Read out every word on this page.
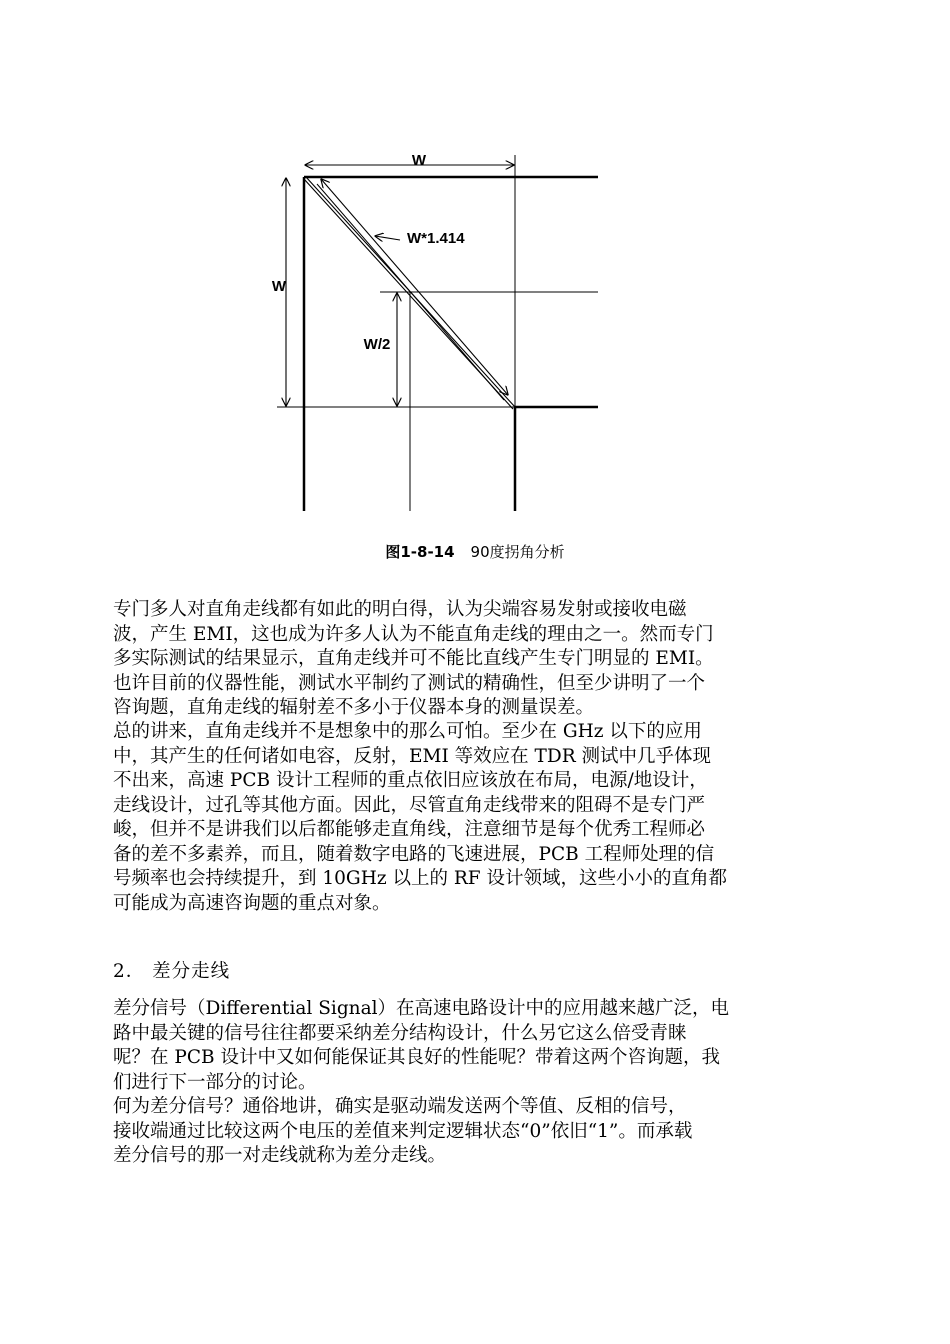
W
W*1.414
W
W/2

图1-8-14 90度拐角分析

专门多人对直角走线都有如此的明白得，认为尖端容易发射或接收电磁
波，产生 EMI，这也成为许多人认为不能直角走线的理由之一。然而专门
多实际测试的结果显示，直角走线并可不能比直线产生专门明显的 EMI。
也许目前的仪器性能，测试水平制约了测试的精确性，但至少讲明了一个
咨询题，直角走线的辐射差不多小于仪器本身的测量误差。

总的讲来，直角走线并不是想象中的那么可怕。至少在 GHz 以下的应用
中，其产生的任何诸如电容，反射，EMI 等效应在 TDR 测试中几乎体现
不出来，高速 PCB 设计工程师的重点依旧应该放在布局，电源/地设计，
走线设计，过孔等其他方面。因此，尽管直角走线带来的阻碍不是专门严
峻，但并不是讲我们以后都能够走直角线，注意细节是每个优秀工程师必
备的差不多素养，而且，随着数字电路的飞速进展，PCB 工程师处理的信
号频率也会持续提升，到 10GHz 以上的 RF 设计领域，这些小小的直角都
可能成为高速咨询题的重点对象。

2． 差分走线

差分信号（Differential Signal）在高速电路设计中的应用越来越广泛，电
路中最关键的信号往往都要采纳差分结构设计，什么另它这么倍受青睐
呢？在 PCB 设计中又如何能保证其良好的性能呢？带着这两个咨询题，我
们进行下一部分的讨论。

何为差分信号？通俗地讲，确实是驱动端发送两个等值、反相的信号，
接收端通过比较这两个电压的差值来判定逻辑状态“0”依旧“1”。而承载
差分信号的那一对走线就称为差分走线。
